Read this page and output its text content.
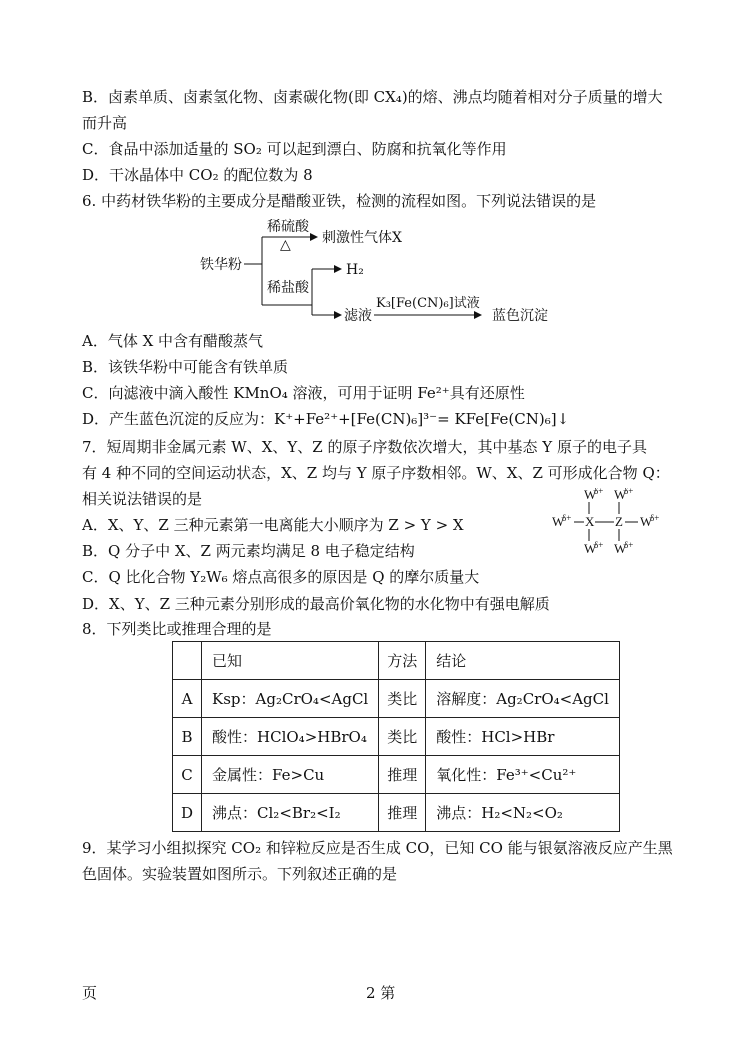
B．卤素单质、卤素氢化物、卤素碳化物(即 CX₄)的熔、沸点均随着相对分子质量的增大
而升高
C．食品中添加适量的 SO₂ 可以起到漂白、防腐和抗氧化等作用
D．干冰晶体中 CO₂ 的配位数为 8
6. 中药材铁华粉的主要成分是醋酸亚铁，检测的流程如图。下列说法错误的是
铁华粉
稀硫酸
△ 刺激性气体X
稀盐酸
H₂
滤液
K₃[Fe(CN)₆]试液
蓝色沉淀
A．气体 X 中含有醋酸蒸气
B．该铁华粉中可能含有铁单质
C．向滤液中滴入酸性 KMnO₄ 溶液，可用于证明 Fe²⁺具有还原性
D．产生蓝色沉淀的反应为：K⁺+Fe²⁺+[Fe(CN)₆]³⁻= KFe[Fe(CN)₆]↓
7．短周期非金属元素 W、X、Y、Z 的原子序数依次增大，其中基态 Y 原子的电子具
有 4 种不同的空间运动状态，X、Z 均与 Y 原子序数相邻。W、X、Z 可形成化合物 Q：
相关说法错误的是	W
δ+ W
δ+
W
δ+ X Z W
δ+
W
δ+ W
δ+
A．X、Y、Z 三种元素第一电离能大小顺序为 Z > Y > X
B．Q 分子中 X、Z 两元素均满足 8 电子稳定结构
C．Q 比化合物 Y₂W₆ 熔点高很多的原因是 Q 的摩尔质量大
D．X、Y、Z 三种元素分别形成的最高价氧化物的水化物中有强电解质
8．下列类比或推理合理的是
	已知	方法	结论
A	Ksp：Ag₂CrO₄<AgCl	类比	溶解度：Ag₂CrO₄<AgCl
B	酸性：HClO₄>HBrO₄	类比	酸性：HCl>HBr
C	金属性：Fe>Cu	推理	氧化性：Fe³⁺<Cu²⁺
D	沸点：Cl₂<Br₂<I₂	推理	沸点：H₂<N₂<O₂
9．某学习小组拟探究 CO₂ 和锌粒反应是否生成 CO，已知 CO 能与银氨溶液反应产生黑
色固体。实验装置如图所示。下列叙述正确的是
页	2 第
